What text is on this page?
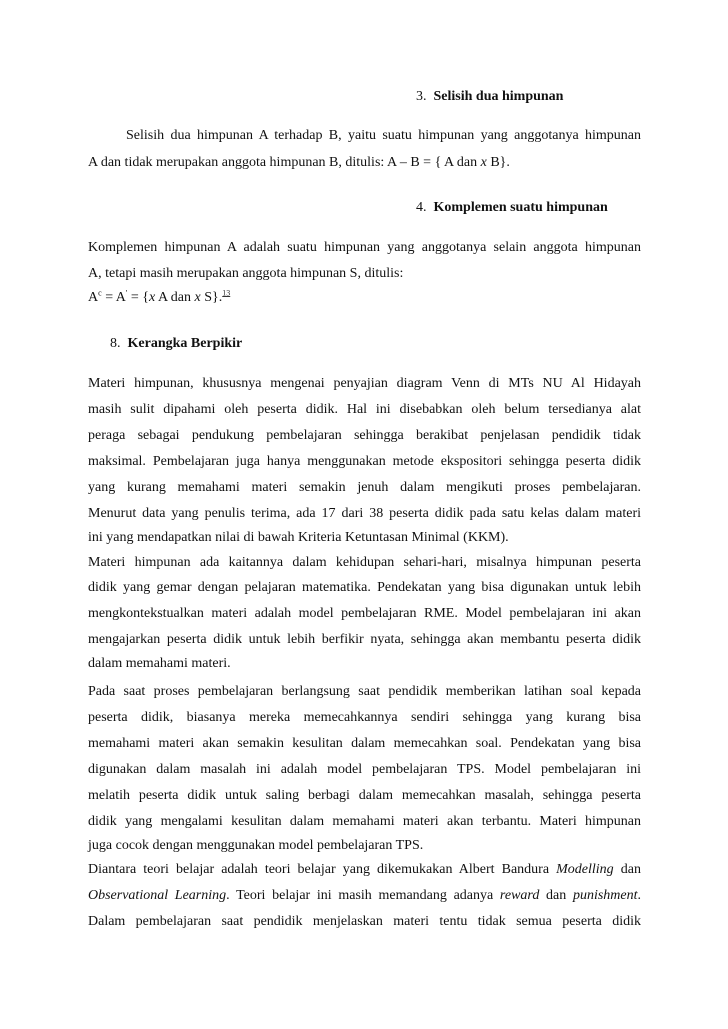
3. Selisih dua himpunan
Selisih dua himpunan A terhadap B, yaitu suatu himpunan yang anggotanya himpunan
A dan tidak merupakan anggota himpunan B, ditulis: A – B = { A dan x B}.
4. Komplemen suatu himpunan
Komplemen himpunan A adalah suatu himpunan yang anggotanya selain anggota himpunan
A, tetapi masih merupakan anggota himpunan S, ditulis:
$A^c = A' = \{x$ A dan x S}.$^{13}$
8. Kerangka Berpikir
Materi himpunan, khususnya mengenai penyajian diagram Venn di MTs NU Al Hidayah
masih sulit dipahami oleh peserta didik. Hal ini disebabkan oleh belum tersedianya alat
peraga sebagai pendukung pembelajaran sehingga berakibat penjelasan pendidik tidak
maksimal. Pembelajaran juga hanya menggunakan metode ekspositori sehingga peserta didik
yang kurang memahami materi semakin jenuh dalam mengikuti proses pembelajaran.
Menurut data yang penulis terima, ada 17 dari 38 peserta didik pada satu kelas dalam materi
ini yang mendapatkan nilai di bawah Kriteria Ketuntasan Minimal (KKM).
Materi himpunan ada kaitannya dalam kehidupan sehari-hari, misalnya himpunan peserta
didik yang gemar dengan pelajaran matematika. Pendekatan yang bisa digunakan untuk lebih
mengkontekstualkan materi adalah model pembelajaran RME. Model pembelajaran ini akan
mengajarkan peserta didik untuk lebih berfikir nyata, sehingga akan membantu peserta didik
dalam memahami materi.
Pada saat proses pembelajaran berlangsung saat pendidik memberikan latihan soal kepada
peserta didik, biasanya mereka memecahkannya sendiri sehingga yang kurang bisa
memahami materi akan semakin kesulitan dalam memecahkan soal. Pendekatan yang bisa
digunakan dalam masalah ini adalah model pembelajaran TPS. Model pembelajaran ini
melatih peserta didik untuk saling berbagi dalam memecahkan masalah, sehingga peserta
didik yang mengalami kesulitan dalam memahami materi akan terbantu. Materi himpunan
juga cocok dengan menggunakan model pembelajaran TPS.
Diantara teori belajar adalah teori belajar yang dikemukakan Albert Bandura Modelling dan
Observational Learning. Teori belajar ini masih memandang adanya reward dan punishment.
Dalam pembelajaran saat pendidik menjelaskan materi tentu tidak semua peserta didik
